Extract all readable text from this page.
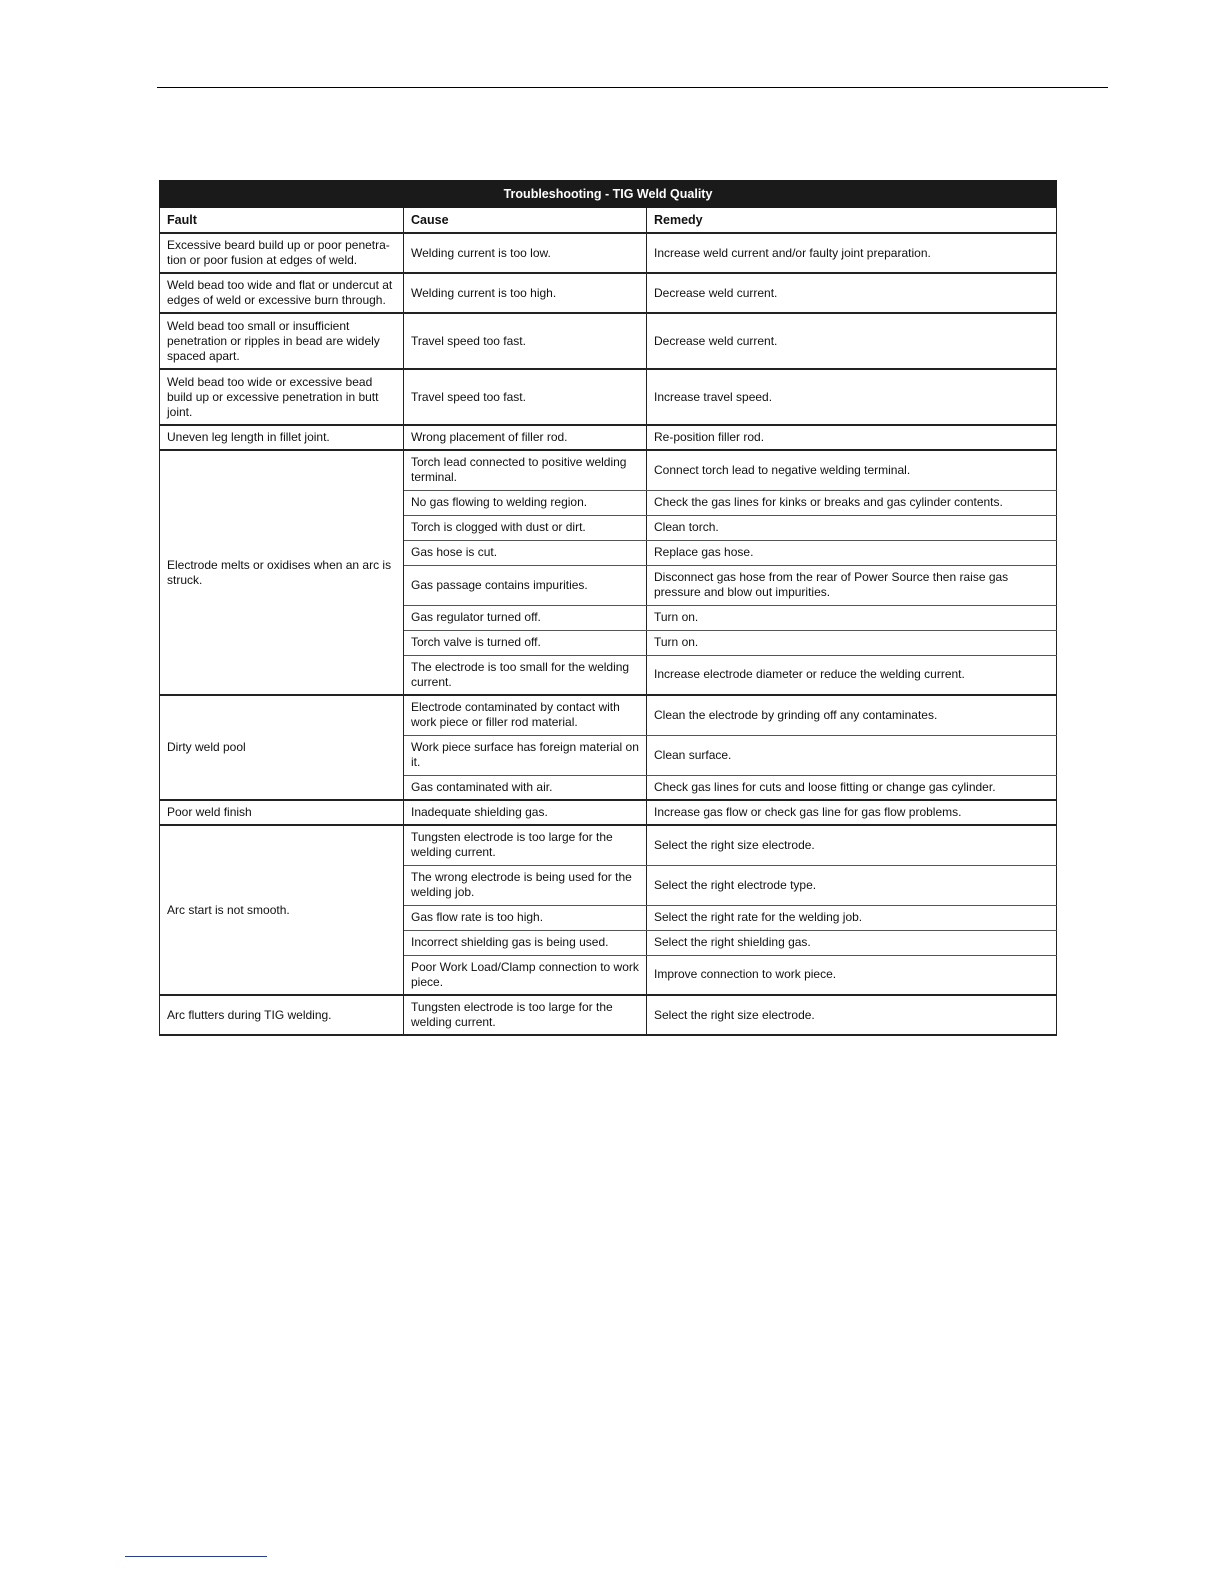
Troubleshooting - TIG Weld Quality		
Fault	Cause	Remedy
Excessive beard build up or poor penetra-tion or poor fusion at edges of weld.	Welding current is too low.	Increase weld current and/or faulty joint preparation.
Weld bead too wide and flat or undercut at edges of weld or excessive burn through.	Welding current is too high.	Decrease weld current.
Weld bead too small or insufficient penetration or ripples in bead are widely spaced apart.	Travel speed too fast.	Decrease weld current.
Weld bead too wide or excessive bead build up or excessive penetration in butt joint.	Travel speed too fast.	Increase travel speed.
Uneven leg length in fillet joint.	Wrong placement of filler rod.	Re-position filler rod.
Electrode melts or oxidises when an arc is struck.	Torch lead connected to positive welding terminal.	Connect torch lead to negative welding terminal.
	No gas flowing to welding region.	Check the gas lines for kinks or breaks and gas cylinder contents.
	Torch is clogged with dust or dirt.	Clean torch.
	Gas hose is cut.	Replace gas hose.
	Gas passage contains impurities.	Disconnect gas hose from the rear of Power Source then raise gas pressure and blow out impurities.
	Gas regulator turned off.	Turn on.
	Torch valve is turned off.	Turn on.
	The electrode is too small for the welding current.	Increase electrode diameter or reduce the welding current.
Dirty weld pool	Electrode contaminated by contact with work piece or filler rod material.	Clean the electrode by grinding off any contaminates.
	Work piece surface has foreign material on it.	Clean surface.
	Gas contaminated with air.	Check gas lines for cuts and loose fitting or change gas cylinder.
Poor weld finish	Inadequate shielding gas.	Increase gas flow or check gas line for gas flow problems.
Arc start is not smooth.	Tungsten electrode is too large for the welding current.	Select the right size electrode.
	The wrong electrode is being used for the welding job.	Select the right electrode type.
	Gas flow rate is too high.	Select the right rate for the welding job.
	Incorrect shielding gas is being used.	Select the right shielding gas.
	Poor Work Load/Clamp connection to work piece.	Improve connection to work piece.
Arc flutters during TIG welding.	Tungsten electrode is too large for the welding current.	Select the right size electrode.
